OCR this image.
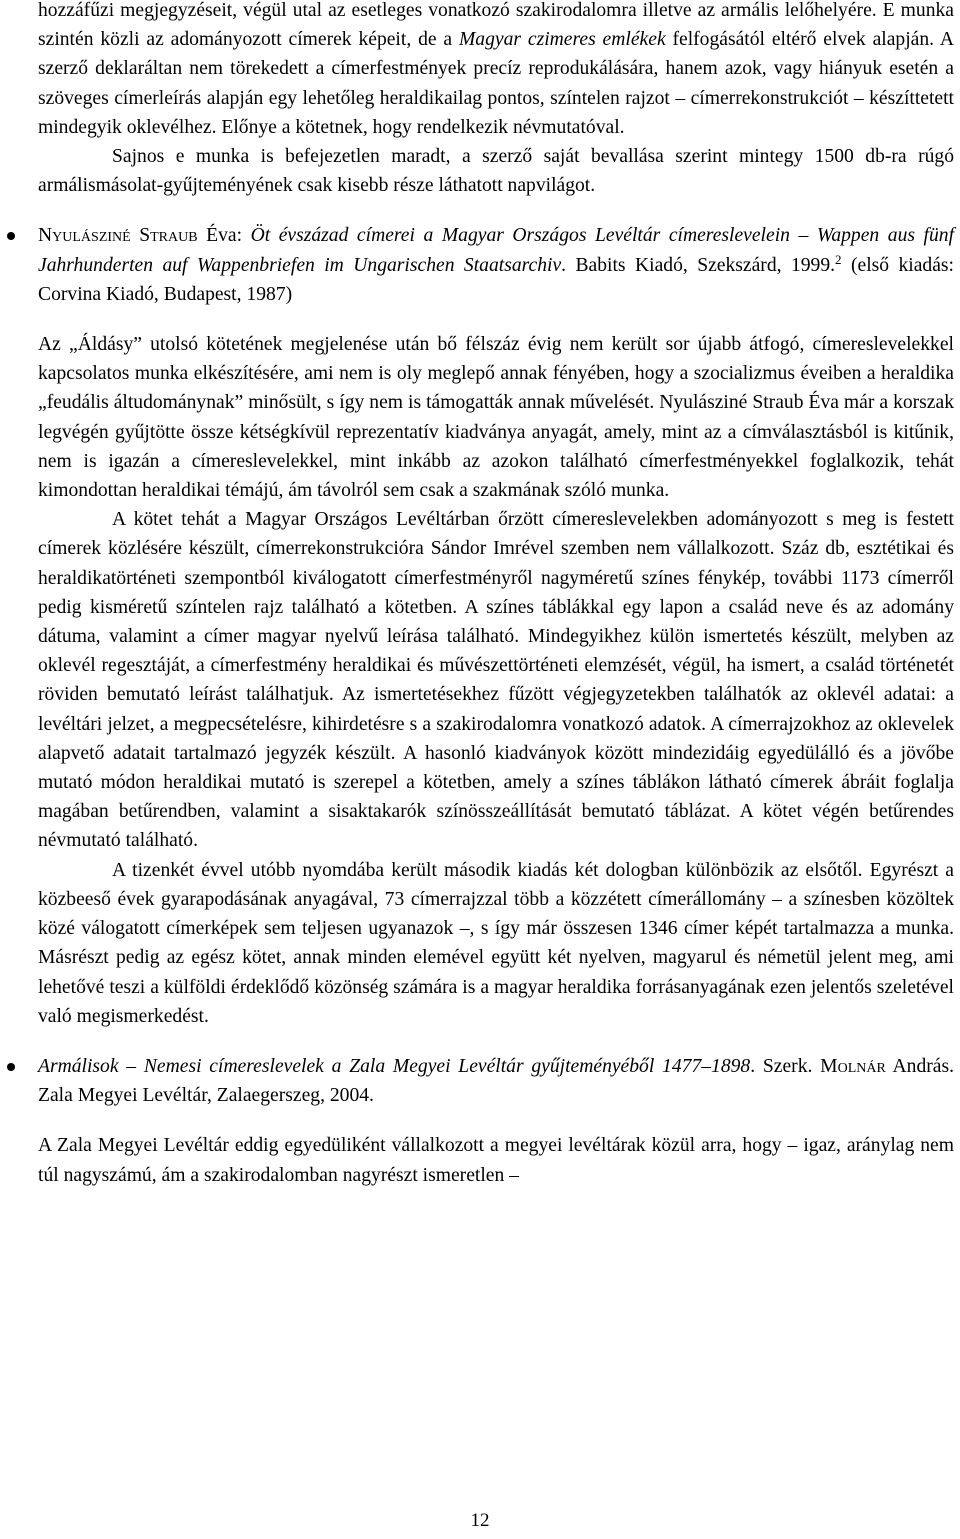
hozzáfűzi megjegyzéseit, végül utal az esetleges vonatkozó szakirodalomra illetve az armális lelőhelyére. E munka szintén közli az adományozott címerek képeit, de a Magyar czimeres emlékek felfogásától eltérő elvek alapján. A szerző deklaráltan nem törekedett a címerfestmények precíz reprodukálására, hanem azok, vagy hiányuk esetén a szöveges címerleírás alapján egy lehetőleg heraldikailag pontos, színtelen rajzot – címerrekonstrukciót – készíttetett mindegyik oklevélhez. Előnye a kötetnek, hogy rendelkezik névmutatóval.

Sajnos e munka is befejezetlen maradt, a szerző saját bevallása szerint mintegy 1500 db-ra rúgó armálismásolat-gyűjteményének csak kisebb része láthatott napvilágot.

Nyulásziné Straub Éva: Öt évszázad címerei a Magyar Országos Levéltár címereslevelein – Wappen aus fünf Jahrhunderten auf Wappenbriefen im Ungarischen Staatsarchiv. Babits Kiadó, Szekszárd, 1999.$^2$ (első kiadás: Corvina Kiadó, Budapest, 1987)

Az „Áldásy” utolsó kötetének megjelenése után bő félszáz évig nem került sor újabb átfogó, címereslevelekkel kapcsolatos munka elkészítésére, ami nem is oly meglepő annak fényében, hogy a szocializmus éveiben a heraldika „feudális áltudománynak” minősült, s így nem is támogatták annak művelését. Nyulásziné Straub Éva már a korszak legvégén gyűjtötte össze kétségkívül reprezentatív kiadványa anyagát, amely, mint az a címválasztásból is kitűnik, nem is igazán a címereslevelekkel, mint inkább az azokon található címerfestményekkel foglalkozik, tehát kimondottan heraldikai témájú, ám távolról sem csak a szakmának szóló munka.

A kötet tehát a Magyar Országos Levéltárban őrzött címereslevelekben adományozott s meg is festett címerek közlésére készült, címerrekonstrukcióra Sándor Imrével szemben nem vállalkozott. Száz db, esztétikai és heraldikatörténeti szempontból kiválogatott címerfestményről nagyméretű színes fénykép, további 1173 címerről pedig kisméretű színtelen rajz található a kötetben. A színes táblákkal egy lapon a család neve és az adomány dátuma, valamint a címer magyar nyelvű leírása található. Mindegyikhez külön ismertetés készült, melyben az oklevél regesztáját, a címerfestmény heraldikai és művészettörténeti elemzését, végül, ha ismert, a család történetét röviden bemutató leírást találhatjuk. Az ismertetésekhez fűzött végjegyzetekben találhatók az oklevél adatai: a levéltári jelzet, a megpecsételésre, kihirdetésre s a szakirodalomra vonatkozó adatok. A címerrajzokhoz az oklevelek alapvető adatait tartalmazó jegyzék készült. A hasonló kiadványok között mindezidáig egyedülálló és a jövőbe mutató módon heraldikai mutató is szerepel a kötetben, amely a színes táblákon látható címerek ábráit foglalja magában betűrendben, valamint a sisaktakarók színösszeállítását bemutató táblázat. A kötet végén betűrendes névmutató található.

A tizenkét évvel utóbb nyomdába került második kiadás két dologban különbözik az elsőtől. Egyrészt a közbeeső évek gyarapodásának anyagával, 73 címerrajzzal több a közzétett címerállomány – a színesben közöltek közé válogatott címerképek sem teljesen ugyanazok –, s így már összesen 1346 címer képét tartalmazza a munka. Másrészt pedig az egész kötet, annak minden elemével együtt két nyelven, magyarul és németül jelent meg, ami lehetővé teszi a külföldi érdeklődő közönség számára is a magyar heraldika forrásanyagának ezen jelentős szeletével való megismerkedést.

Armálisok – Nemesi címereslevelek a Zala Megyei Levéltár gyűjteményéből 1477–1898. Szerk. Molnár András. Zala Megyei Levéltár, Zalaegerszeg, 2004.

A Zala Megyei Levéltár eddig egyedüliként vállalkozott a megyei levéltárak közül arra, hogy – igaz, aránylag nem túl nagyszámú, ám a szakirodalomban nagyrészt ismeretlen –

12
